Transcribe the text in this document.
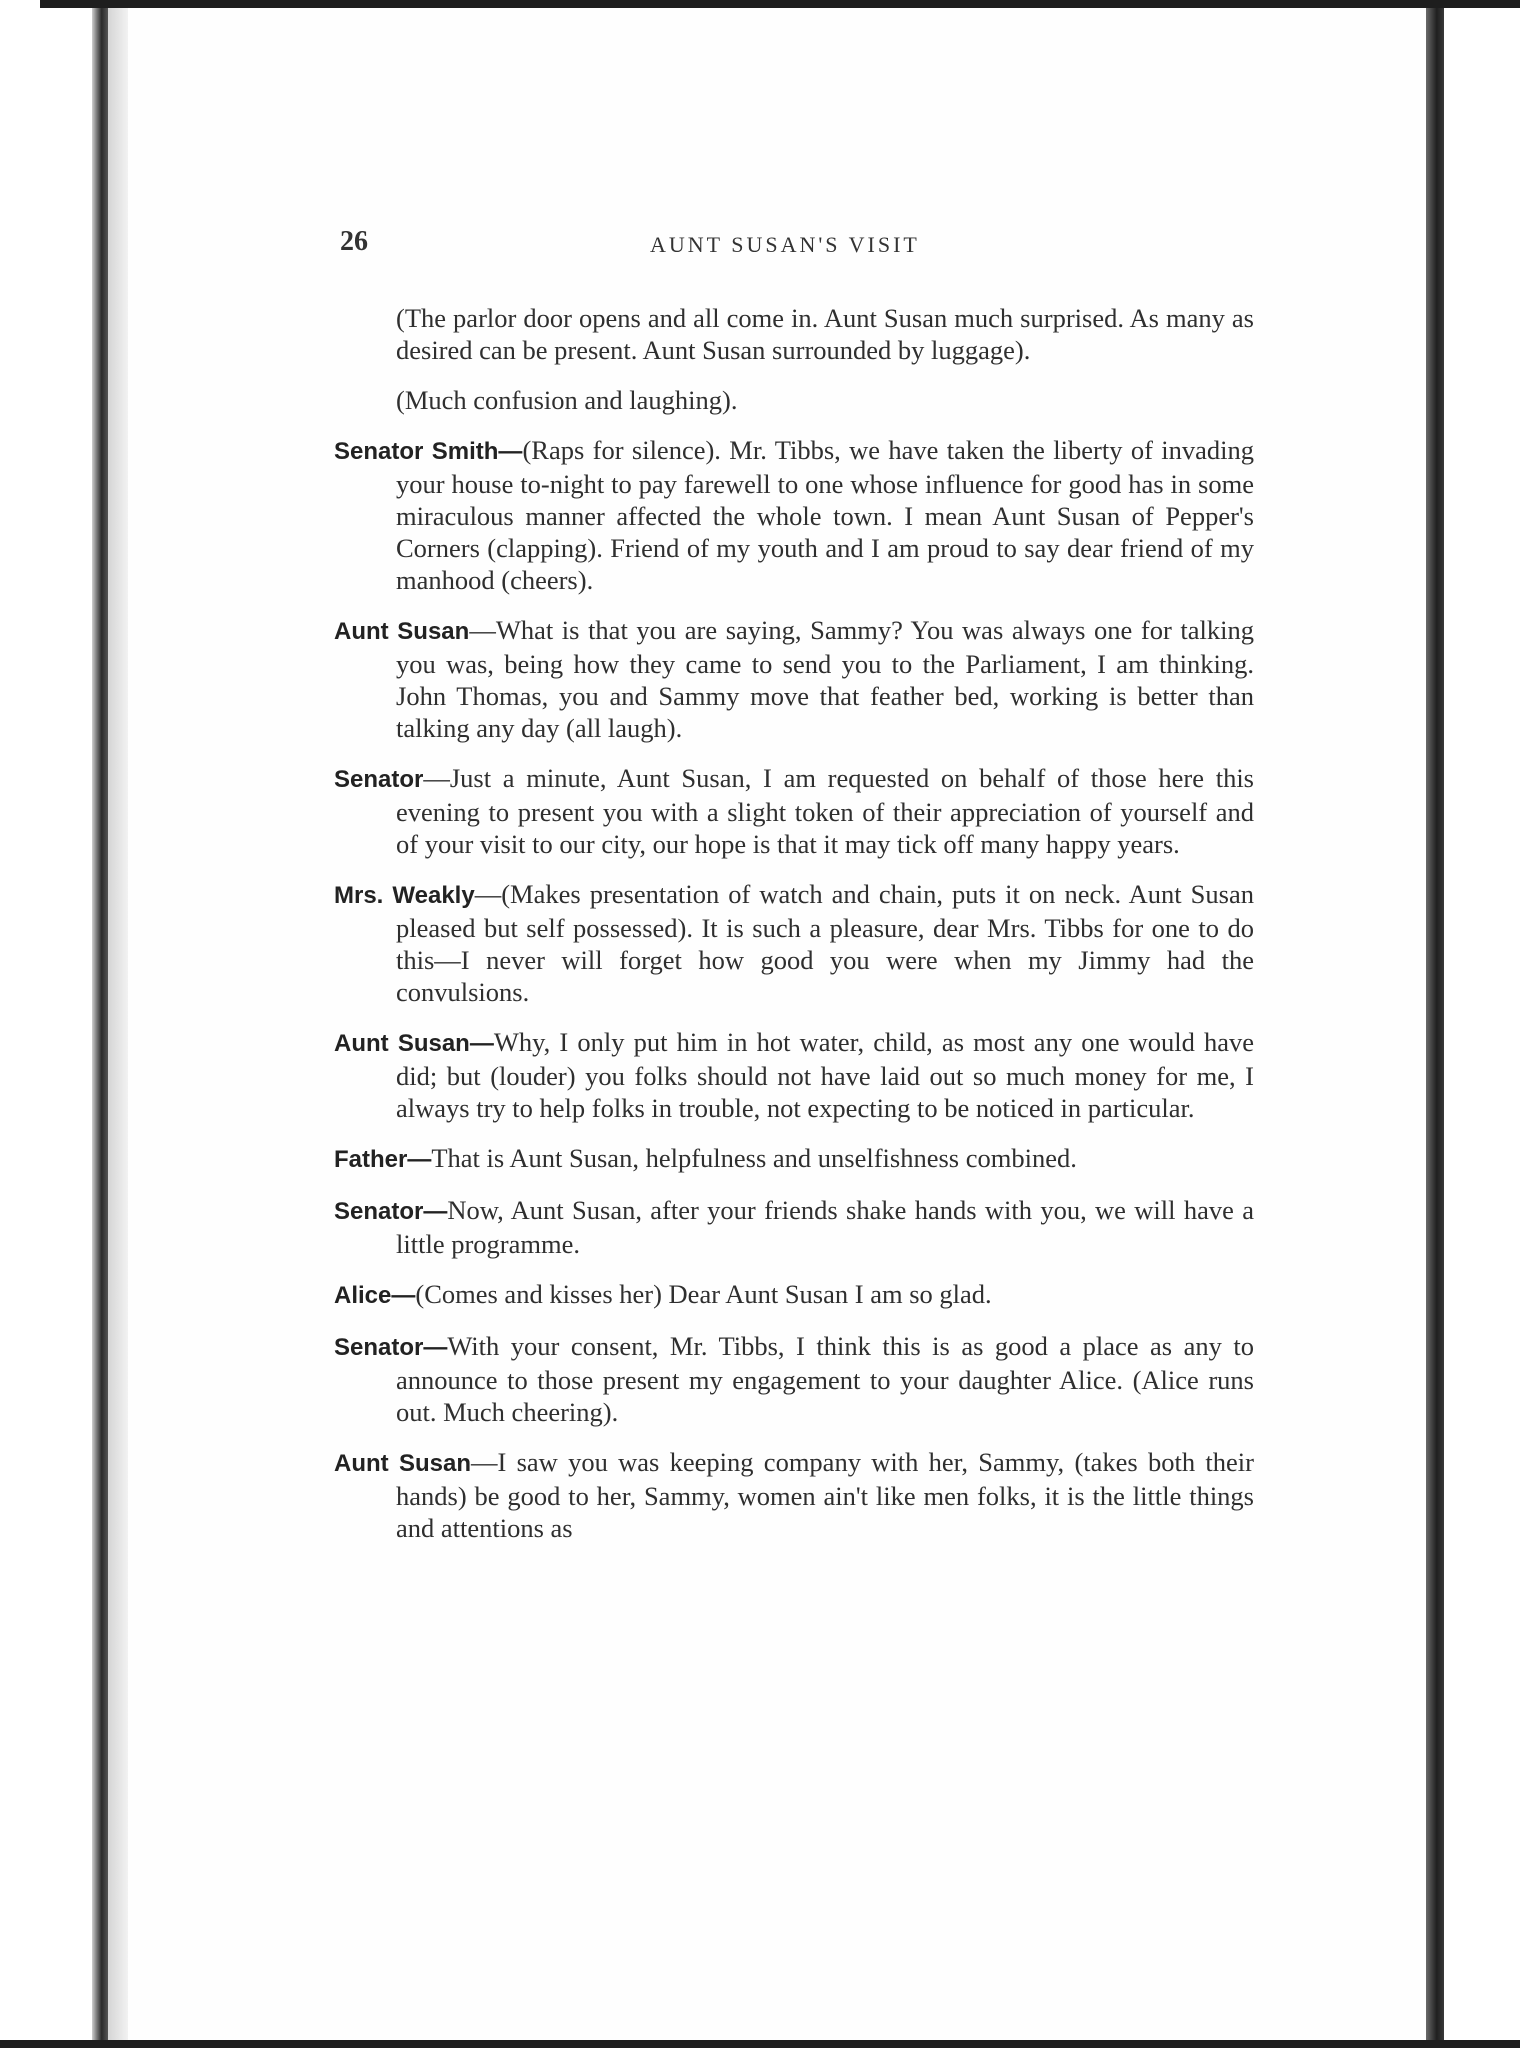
26	AUNT SUSAN'S VISIT

(The parlor door opens and all come in. Aunt Susan much surprised. As many as desired can be present. Aunt Susan surrounded by luggage).

(Much confusion and laughing).

Senator Smith—(Raps for silence). Mr. Tibbs, we have taken the liberty of invading your house to-night to pay farewell to one whose influence for good has in some miraculous manner affected the whole town. I mean Aunt Susan of Pepper's Corners (clapping). Friend of my youth and I am proud to say dear friend of my manhood (cheers).

Aunt Susan—What is that you are saying, Sammy? You was always one for talking you was, being how they came to send you to the Parliament, I am thinking. John Thomas, you and Sammy move that feather bed, working is better than talking any day (all laugh).

Senator—Just a minute, Aunt Susan, I am requested on behalf of those here this evening to present you with a slight token of their appreciation of yourself and of your visit to our city, our hope is that it may tick off many happy years.

Mrs. Weakly—(Makes presentation of watch and chain, puts it on neck. Aunt Susan pleased but self possessed). It is such a pleasure, dear Mrs. Tibbs for one to do this—I never will forget how good you were when my Jimmy had the convulsions.

Aunt Susan—Why, I only put him in hot water, child, as most any one would have did; but (louder) you folks should not have laid out so much money for me, I always try to help folks in trouble, not expecting to be noticed in particular.

Father—That is Aunt Susan, helpfulness and unselfishness combined.

Senator—Now, Aunt Susan, after your friends shake hands with you, we will have a little programme.

Alice—(Comes and kisses her) Dear Aunt Susan I am so glad.

Senator—With your consent, Mr. Tibbs, I think this is as good a place as any to announce to those present my engagement to your daughter Alice. (Alice runs out. Much cheering).

Aunt Susan—I saw you was keeping company with her, Sammy, (takes both their hands) be good to her, Sammy, women ain't like men folks, it is the little things and attentions as
